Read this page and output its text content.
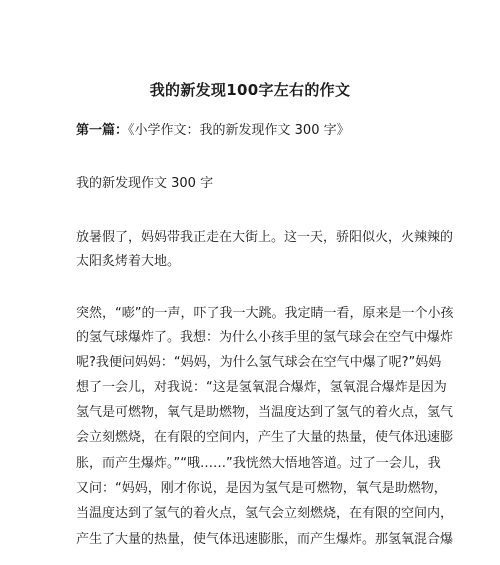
我的新发现100字左右的作文
第一篇：《小学作文：我的新发现作文 300 字》
我的新发现作文 300 字
放暑假了，妈妈带我正走在大街上。这一天，骄阳似火，火辣辣的
太阳炙烤着大地。
突然，“嘭”的一声，吓了我一大跳。我定睛一看，原来是一个小孩
的氢气球爆炸了。我想：为什么小孩手里的氢气球会在空气中爆炸
呢?我便问妈妈：“妈妈，为什么氢气球会在空气中爆了呢?”妈妈
想了一会儿，对我说：“这是氢氧混合爆炸，氢氧混合爆炸是因为
氢气是可燃物，氧气是助燃物，当温度达到了氢气的着火点，氢气
会立刻燃烧，在有限的空间内，产生了大量的热量，使气体迅速膨
胀，而产生爆炸。”“哦……”我恍然大悟地答道。过了一会儿，我
又问：“妈妈，刚才你说，是因为氢气是可燃物，氧气是助燃物，
当温度达到了氢气的着火点，氢气会立刻燃烧，在有限的空间内，
产生了大量的热量，使气体迅速膨胀，而产生爆炸。那氢氧混合爆
